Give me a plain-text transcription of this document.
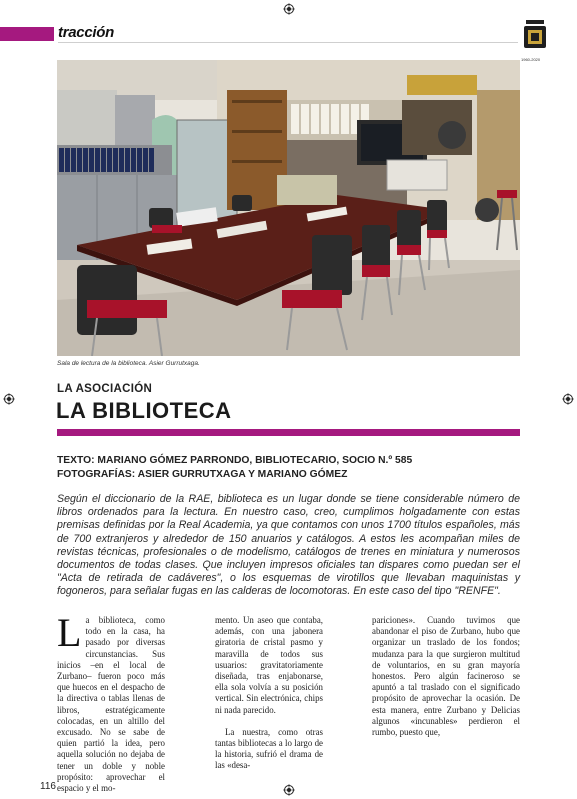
tracción
1960-2020
Sala de lectura de la biblioteca. Asier Gurrutxaga.
LA ASOCIACIÓN
LA BIBLIOTECA
TEXTO: MARIANO GÓMEZ PARRONDO, BIBLIOTECARIO, SOCIO N.º 585
FOTOGRAFÍAS: ASIER GURRUTXAGA Y MARIANO GÓMEZ
Según el diccionario de la RAE, biblioteca es un lugar donde se tiene considerable número de libros ordenados para la lectura. En nuestro caso, creo, cumplimos holgadamente con estas premisas definidas por la Real Academia, ya que contamos con unos 1700 títulos españoles, más de 700 extranjeros y alrededor de 150 anuarios y catálogos. A estos les acompañan miles de revistas técnicas, profesionales o de modelismo, catálogos de trenes en miniatura y numerosos documentos de todas clases. Que incluyen impresos oficiales tan dispares como puedan ser el "Acta de retirada de cadáveres", o los esquemas de virotillos que llevaban maquinistas y fogoneros, para señalar fugas en las calderas de locomotoras. En este caso del tipo "RENFE".

La biblioteca, como todo en la casa, ha pasado por diversas circunstancias. Sus inicios –en el local de Zurbano– fueron poco más que huecos en el despacho de la directiva o tablas llenas de libros, estratégicamente colocadas, en un altillo del excusado. No se sabe de quien partió la idea, pero aquella solución no dejaba de tener un doble y noble propósito: aprovechar el espacio y el mo-

mento. Un aseo que contaba, además, con una jabonera giratoria de cristal pasmo y maravilla de todos sus usuarios: gravitatoriamente diseñada, tras enjabonarse, ella sola volvía a su posición vertical. Sin electrónica, chips ni nada parecido.

La nuestra, como otras tantas bibliotecas a lo largo de la historia, sufrió el drama de las «desa-

pariciones». Cuando tuvimos que abandonar el piso de Zurbano, hubo que organizar un traslado de los fondos; mudanza para la que surgieron multitud de voluntarios, en su gran mayoría honestos. Pero algún facineroso se apuntó a tal traslado con el significado propósito de aprovechar la ocasión. De esta manera, entre Zurbano y Delicias algunos «incunables» perdieron el rumbo, puesto que,

116
